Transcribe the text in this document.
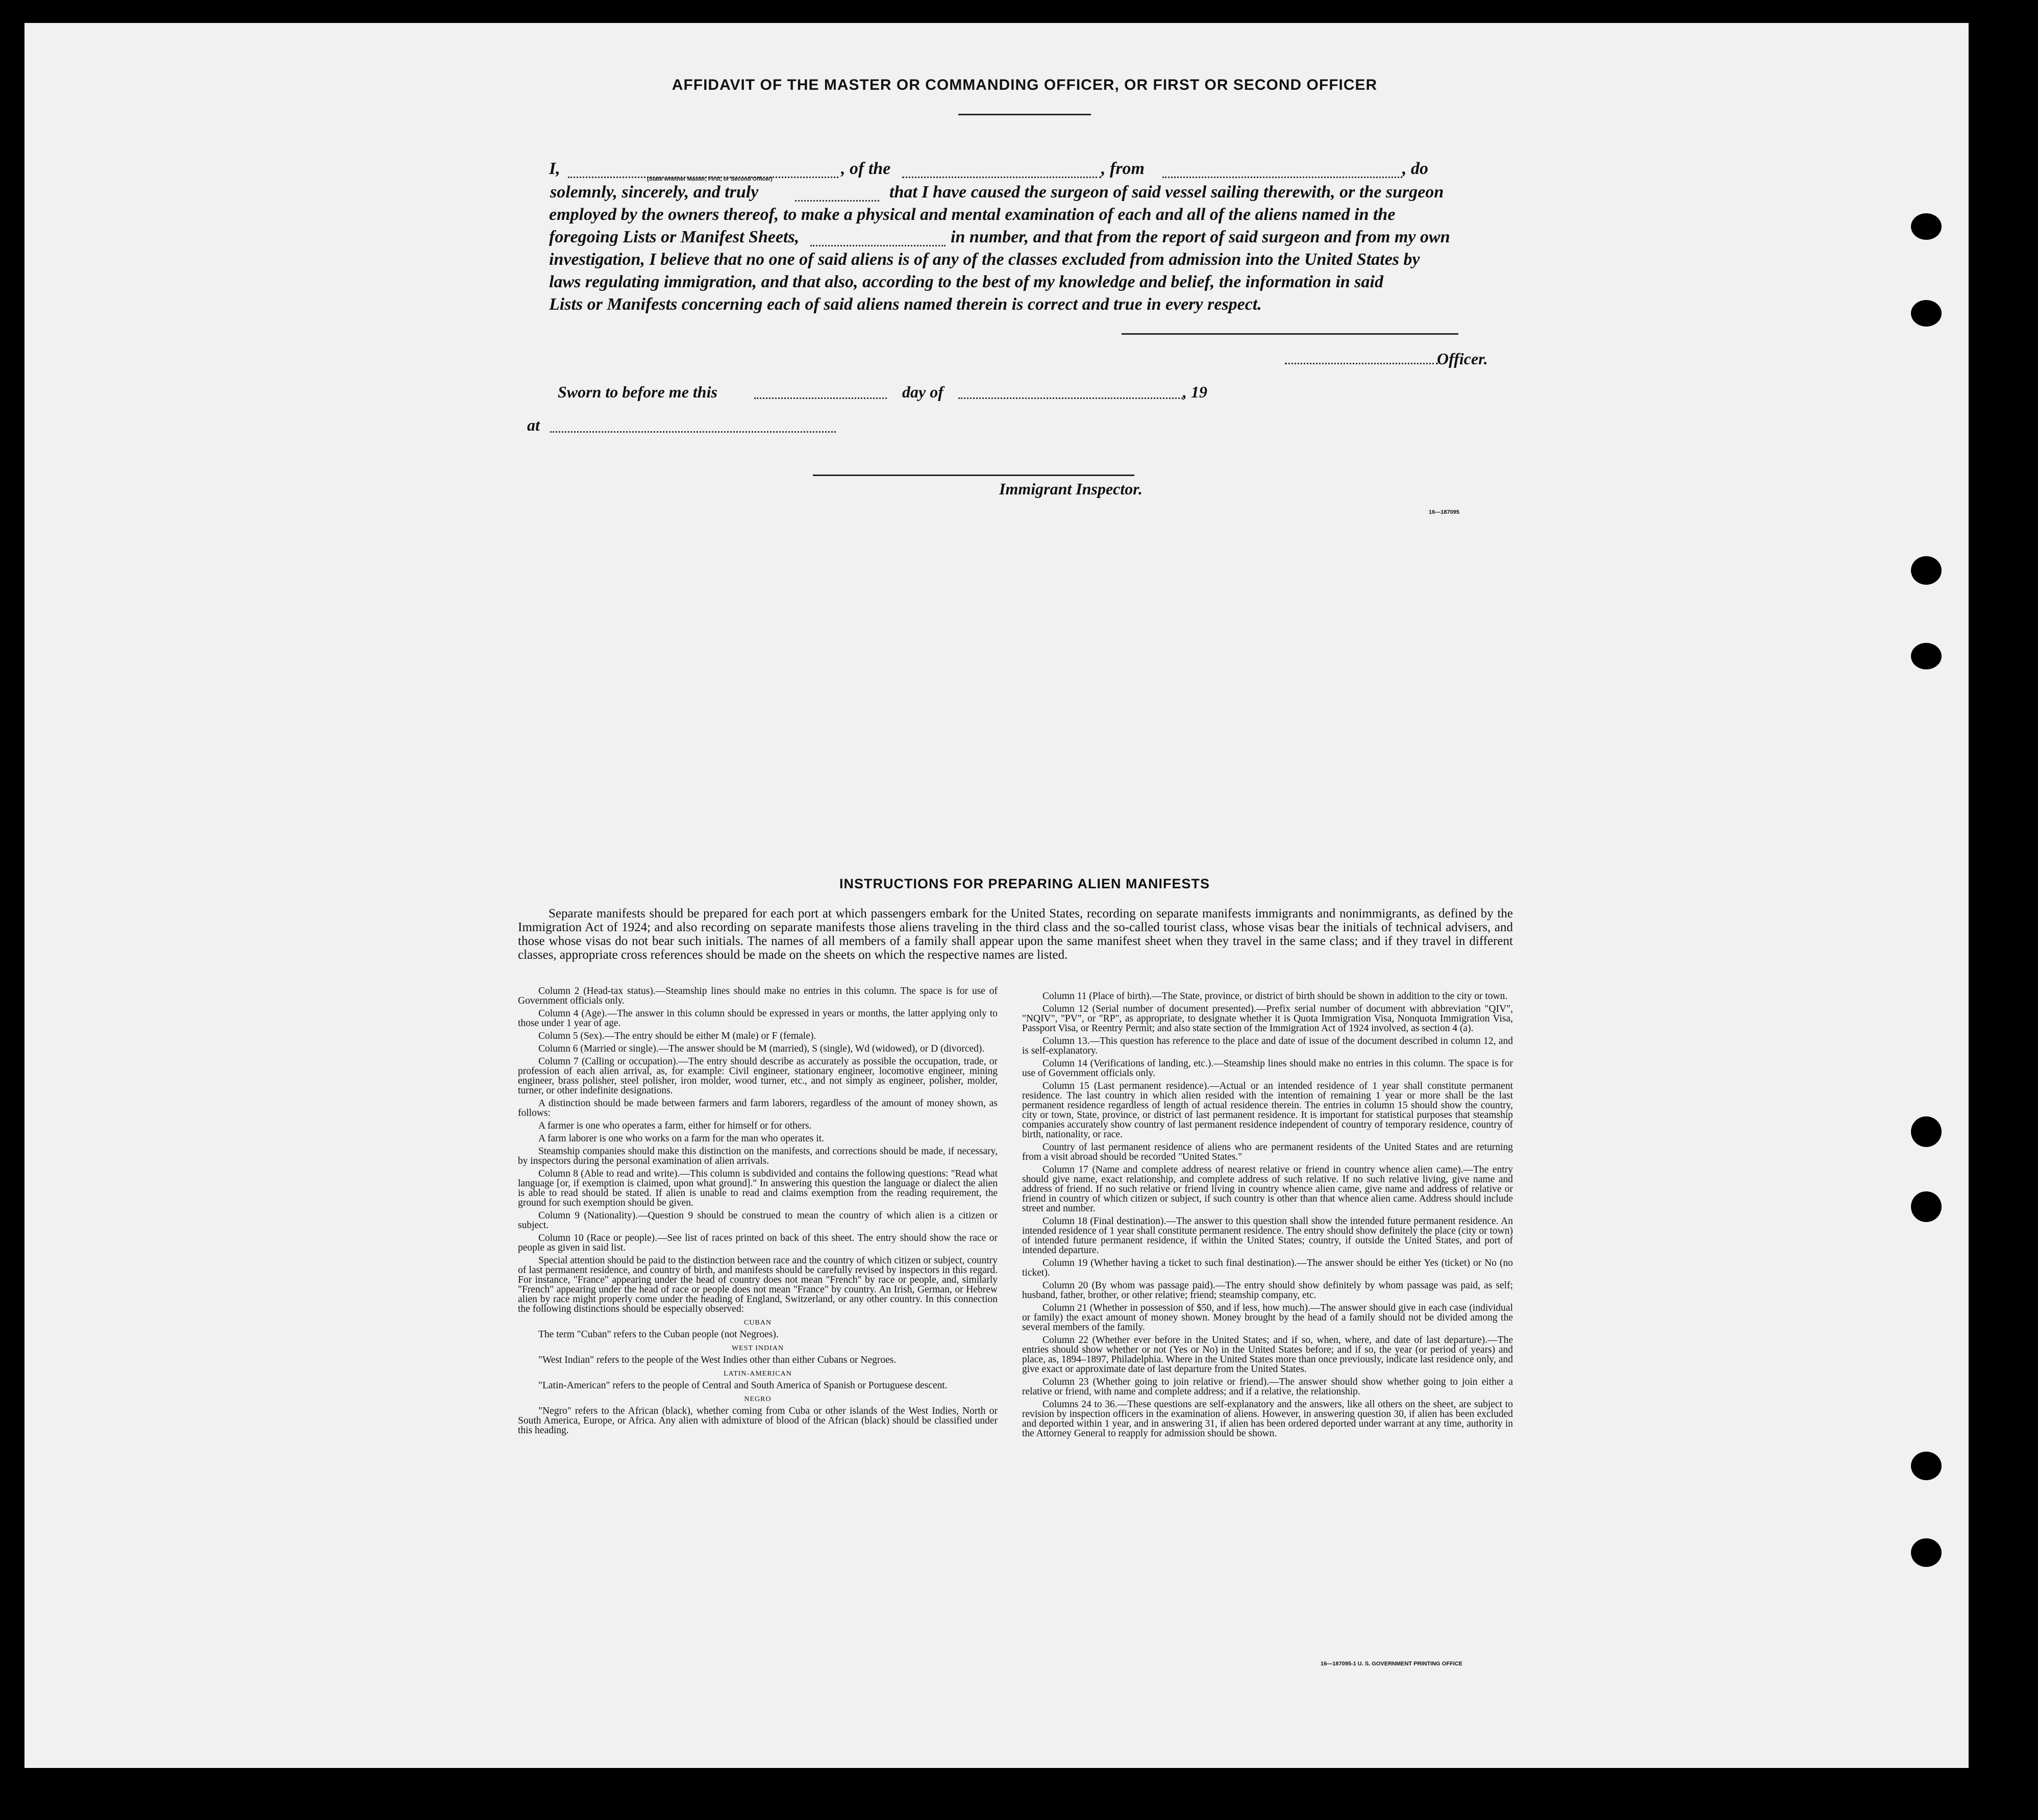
AFFIDAVIT OF THE MASTER OR COMMANDING OFFICER, OR FIRST OR SECOND OFFICER
I,	, of the	, from	, do
(State whether Master, First, or Second Officer)
solemnly, sincerely, and truly	that I have caused the surgeon of said vessel sailing therewith, or the surgeon
employed by the owners thereof, to make a physical and mental examination of each and all of the aliens named in the
foregoing Lists or Manifest Sheets,	in number, and that from the report of said surgeon and from my own
investigation, I believe that no one of said aliens is of any of the classes excluded from admission into the United States by
laws regulating immigration, and that also, according to the best of my knowledge and belief, the information in said
Lists or Manifests concerning each of said aliens named therein is correct and true in every respect.
Officer.
Sworn to before me this	day of	, 19
at
Immigrant Inspector.
16—187095
INSTRUCTIONS FOR PREPARING ALIEN MANIFESTS
Separate manifests should be prepared for each port at which passengers embark for the United States, recording on separate manifests immigrants and nonimmigrants, as defined by the Immigration Act of 1924; and also recording on separate manifests those aliens traveling in the third class and the so-called tourist class, whose visas bear the initials of technical advisers, and those whose visas do not bear such initials. The names of all members of a family shall appear upon the same manifest sheet when they travel in the same class; and if they travel in different classes, appropriate cross references should be made on the sheets on which the respective names are listed.

Column 2 (Head-tax status).—Steamship lines should make no entries in this column. The space is for use of Government officials only.

Column 4 (Age).—The answer in this column should be expressed in years or months, the latter applying only to those under 1 year of age.

Column 5 (Sex).—The entry should be either M (male) or F (female).

Column 6 (Married or single).—The answer should be M (married), S (single), Wd (widowed), or D (divorced).

Column 7 (Calling or occupation).—The entry should describe as accurately as possible the occupation, trade, or profession of each alien arrival, as, for example: Civil engineer, stationary engineer, locomotive engineer, mining engineer, brass polisher, steel polisher, iron molder, wood turner, etc., and not simply as engineer, polisher, molder, turner, or other indefinite designations.

A distinction should be made between farmers and farm laborers, regardless of the amount of money shown, as follows:

A farmer is one who operates a farm, either for himself or for others.

A farm laborer is one who works on a farm for the man who operates it.

Steamship companies should make this distinction on the manifests, and corrections should be made, if necessary, by inspectors during the personal examination of alien arrivals.

Column 8 (Able to read and write).—This column is subdivided and contains the following questions: "Read what language [or, if exemption is claimed, upon what ground]." In answering this question the language or dialect the alien is able to read should be stated. If alien is unable to read and claims exemption from the reading requirement, the ground for such exemption should be given.

Column 9 (Nationality).—Question 9 should be construed to mean the country of which alien is a citizen or subject.

Column 10 (Race or people).—See list of races printed on back of this sheet. The entry should show the race or people as given in said list.

Special attention should be paid to the distinction between race and the country of which citizen or subject, country of last permanent residence, and country of birth, and manifests should be carefully revised by inspectors in this regard. For instance, "France" appearing under the head of country does not mean "French" by race or people, and, similarly "French" appearing under the head of race or people does not mean "France" by country. An Irish, German, or Hebrew alien by race might properly come under the heading of England, Switzerland, or any other country. In this connection the following distinctions should be especially observed:

CUBAN

The term "Cuban" refers to the Cuban people (not Negroes).

WEST INDIAN

"West Indian" refers to the people of the West Indies other than either Cubans or Negroes.

LATIN-AMERICAN

"Latin-American" refers to the people of Central and South America of Spanish or Portuguese descent.

NEGRO

"Negro" refers to the African (black), whether coming from Cuba or other islands of the West Indies, North or South America, Europe, or Africa. Any alien with admixture of blood of the African (black) should be classified under this heading.

Column 11 (Place of birth).—The State, province, or district of birth should be shown in addition to the city or town.

Column 12 (Serial number of document presented).—Prefix serial number of document with abbreviation "QIV", "NQIV", "PV", or "RP", as appropriate, to designate whether it is Quota Immigration Visa, Nonquota Immigration Visa, Passport Visa, or Reentry Permit; and also state section of the Immigration Act of 1924 involved, as section 4 (a).

Column 13.—This question has reference to the place and date of issue of the document described in column 12, and is self-explanatory.

Column 14 (Verifications of landing, etc.).—Steamship lines should make no entries in this column. The space is for use of Government officials only.

Column 15 (Last permanent residence).—Actual or an intended residence of 1 year shall constitute permanent residence. The last country in which alien resided with the intention of remaining 1 year or more shall be the last permanent residence regardless of length of actual residence therein. The entries in column 15 should show the country, city or town, State, province, or district of last permanent residence. It is important for statistical purposes that steamship companies accurately show country of last permanent residence independent of country of temporary residence, country of birth, nationality, or race.

Country of last permanent residence of aliens who are permanent residents of the United States and are returning from a visit abroad should be recorded "United States."

Column 17 (Name and complete address of nearest relative or friend in country whence alien came).—The entry should give name, exact relationship, and complete address of such relative. If no such relative living, give name and address of friend. If no such relative or friend living in country whence alien came, give name and address of relative or friend in country of which citizen or subject, if such country is other than that whence alien came. Address should include street and number.

Column 18 (Final destination).—The answer to this question shall show the intended future permanent residence. An intended residence of 1 year shall constitute permanent residence. The entry should show definitely the place (city or town) of intended future permanent residence, if within the United States; country, if outside the United States, and port of intended departure.

Column 19 (Whether having a ticket to such final destination).—The answer should be either Yes (ticket) or No (no ticket).

Column 20 (By whom was passage paid).—The entry should show definitely by whom passage was paid, as self; husband, father, brother, or other relative; friend; steamship company, etc.

Column 21 (Whether in possession of $50, and if less, how much).—The answer should give in each case (individual or family) the exact amount of money shown. Money brought by the head of a family should not be divided among the several members of the family.

Column 22 (Whether ever before in the United States; and if so, when, where, and date of last departure).—The entries should show whether or not (Yes or No) in the United States before; and if so, the year (or period of years) and place, as, 1894–1897, Philadelphia. Where in the United States more than once previously, indicate last residence only, and give exact or approximate date of last departure from the United States.

Column 23 (Whether going to join relative or friend).—The answer should show whether going to join either a relative or friend, with name and complete address; and if a relative, the relationship.

Columns 24 to 36.—These questions are self-explanatory and the answers, like all others on the sheet, are subject to revision by inspection officers in the examination of aliens. However, in answering question 30, if alien has been excluded and deported within 1 year, and in answering 31, if alien has been ordered deported under warrant at any time, authority in the Attorney General to reapply for admission should be shown.

16—187095-1 U. S. GOVERNMENT PRINTING OFFICE
